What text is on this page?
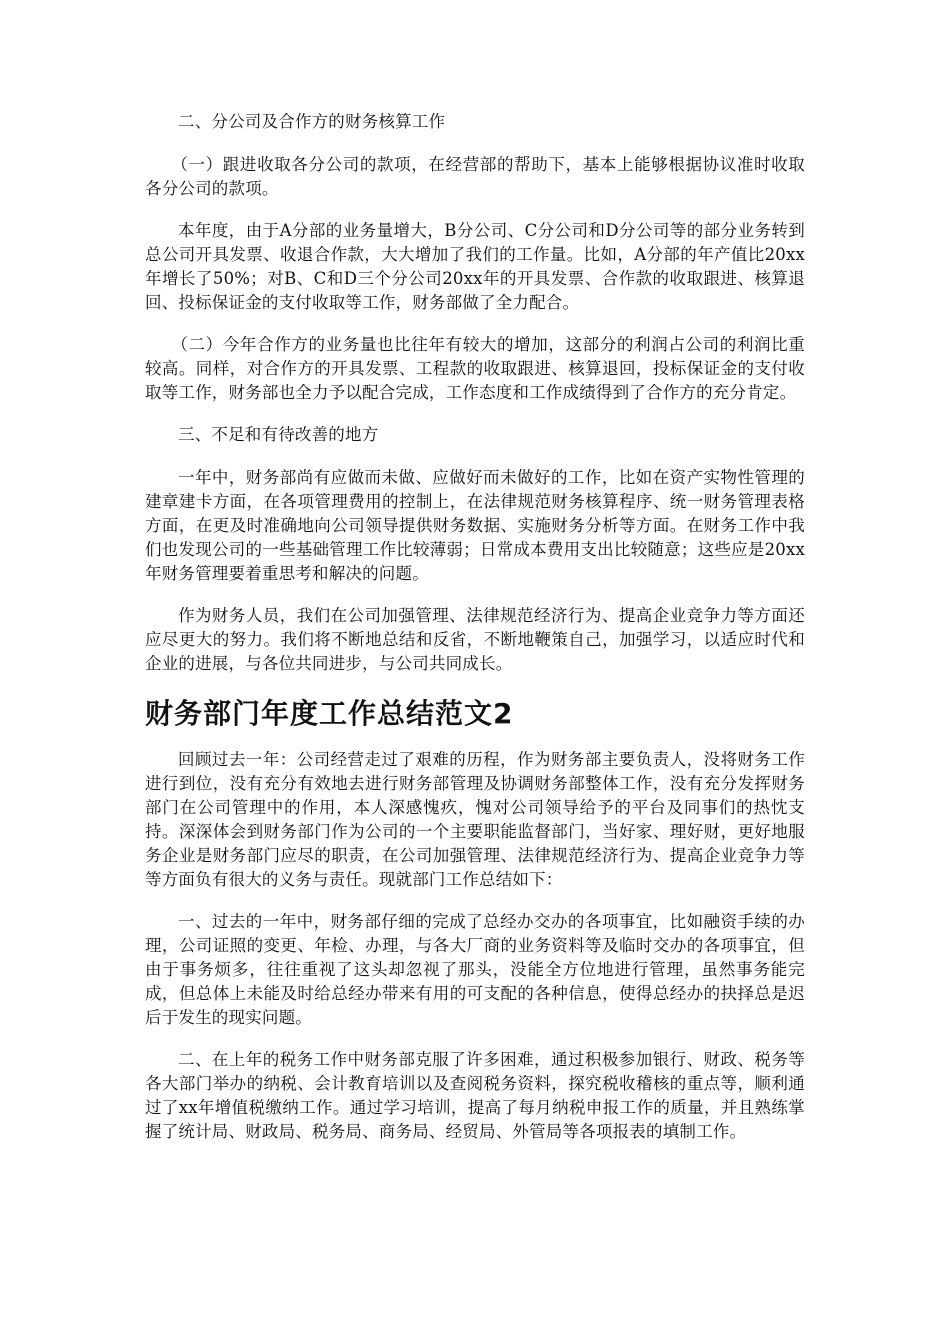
二、分公司及合作方的财务核算工作

（一）跟进收取各分公司的款项，在经营部的帮助下，基本上能够根据协议准时收取各分公司的款项。

本年度，由于A分部的业务量增大，B分公司、C分公司和D分公司等的部分业务转到总公司开具发票、收退合作款，大大增加了我们的工作量。比如，A分部的年产值比20xx年增长了50%；对B、C和D三个分公司20xx年的开具发票、合作款的收取跟进、核算退回、投标保证金的支付收取等工作，财务部做了全力配合。

（二）今年合作方的业务量也比往年有较大的增加，这部分的利润占公司的利润比重较高。同样，对合作方的开具发票、工程款的收取跟进、核算退回，投标保证金的支付收取等工作，财务部也全力予以配合完成，工作态度和工作成绩得到了合作方的充分肯定。

三、不足和有待改善的地方

一年中，财务部尚有应做而未做、应做好而未做好的工作，比如在资产实物性管理的建章建卡方面，在各项管理费用的控制上，在法律规范财务核算程序、统一财务管理表格方面，在更及时准确地向公司领导提供财务数据、实施财务分析等方面。在财务工作中我们也发现公司的一些基础管理工作比较薄弱；日常成本费用支出比较随意；这些应是20xx年财务管理要着重思考和解决的问题。

作为财务人员，我们在公司加强管理、法律规范经济行为、提高企业竞争力等方面还应尽更大的努力。我们将不断地总结和反省，不断地鞭策自己，加强学习，以适应时代和企业的进展，与各位共同进步，与公司共同成长。

财务部门年度工作总结范文2

回顾过去一年：公司经营走过了艰难的历程，作为财务部主要负责人，没将财务工作进行到位，没有充分有效地去进行财务部管理及协调财务部整体工作，没有充分发挥财务部门在公司管理中的作用，本人深感愧疚，愧对公司领导给予的平台及同事们的热忱支持。深深体会到财务部门作为公司的一个主要职能监督部门，当好家、理好财，更好地服务企业是财务部门应尽的职责，在公司加强管理、法律规范经济行为、提高企业竞争力等等方面负有很大的义务与责任。现就部门工作总结如下：

一、过去的一年中，财务部仔细的完成了总经办交办的各项事宜，比如融资手续的办理，公司证照的变更、年检、办理，与各大厂商的业务资料等及临时交办的各项事宜，但由于事务烦多，往往重视了这头却忽视了那头，没能全方位地进行管理，虽然事务能完成，但总体上未能及时给总经办带来有用的可支配的各种信息，使得总经办的抉择总是迟后于发生的现实问题。

二、在上年的税务工作中财务部克服了许多困难，通过积极参加银行、财政、税务等各大部门举办的纳税、会计教育培训以及查阅税务资料，探究税收稽核的重点等，顺利通过了xx年增值税缴纳工作。通过学习培训，提高了每月纳税申报工作的质量，并且熟练掌握了统计局、财政局、税务局、商务局、经贸局、外管局等各项报表的填制工作。
